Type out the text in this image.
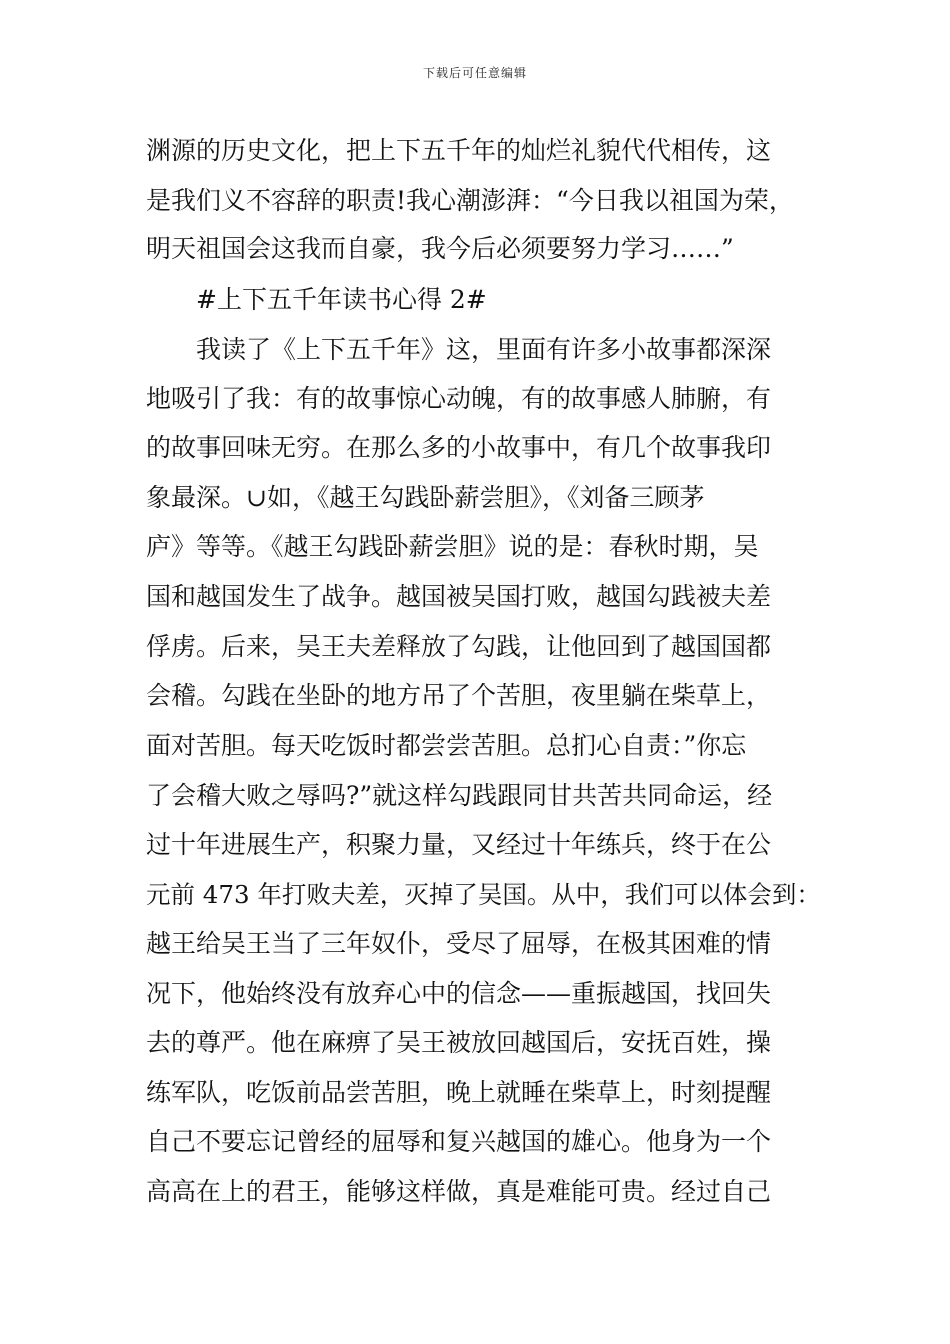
下载后可任意编辑
渊源的历史文化，把上下五千年的灿烂礼貌代代相传，这
是我们义不容辞的职责!我心潮澎湃：“今日我以祖国为荣，
明天祖国会这我而自豪，我今后必须要努力学习……”
#上下五千年读书心得 2#
我读了《上下五千年》这，里面有许多小故事都深深
地吸引了我：有的故事惊心动魄，有的故事感人肺腑，有
的故事回味无穷。在那么多的小故事中，有几个故事我印
象最深。∪如，《越王勾践卧薪尝胆》，《刘备三顾茅
庐》等等。《越王勾践卧薪尝胆》说的是：春秋时期，吴
国和越国发生了战争。越国被吴国打败，越国勾践被夫差
俘虏。后来，吴王夫差释放了勾践，让他回到了越国国都
会稽。勾践在坐卧的地方吊了个苦胆，夜里躺在柴草上，
面对苦胆。每天吃饭时都尝尝苦胆。总扪心自责：”你忘
了会稽大败之辱吗?”就这样勾践跟同甘共苦共同命运，经
过十年进展生产，积聚力量，又经过十年练兵，终于在公
元前 473 年打败夫差，灭掉了吴国。从中，我们可以体会到：
越王给吴王当了三年奴仆，受尽了屈辱，在极其困难的情
况下，他始终没有放弃心中的信念——重振越国，找回失
去的尊严。他在麻痹了吴王被放回越国后，安抚百姓，操
练军队，吃饭前品尝苦胆，晚上就睡在柴草上，时刻提醒
自己不要忘记曾经的屈辱和复兴越国的雄心。他身为一个
高高在上的君王，能够这样做，真是难能可贵。经过自己
